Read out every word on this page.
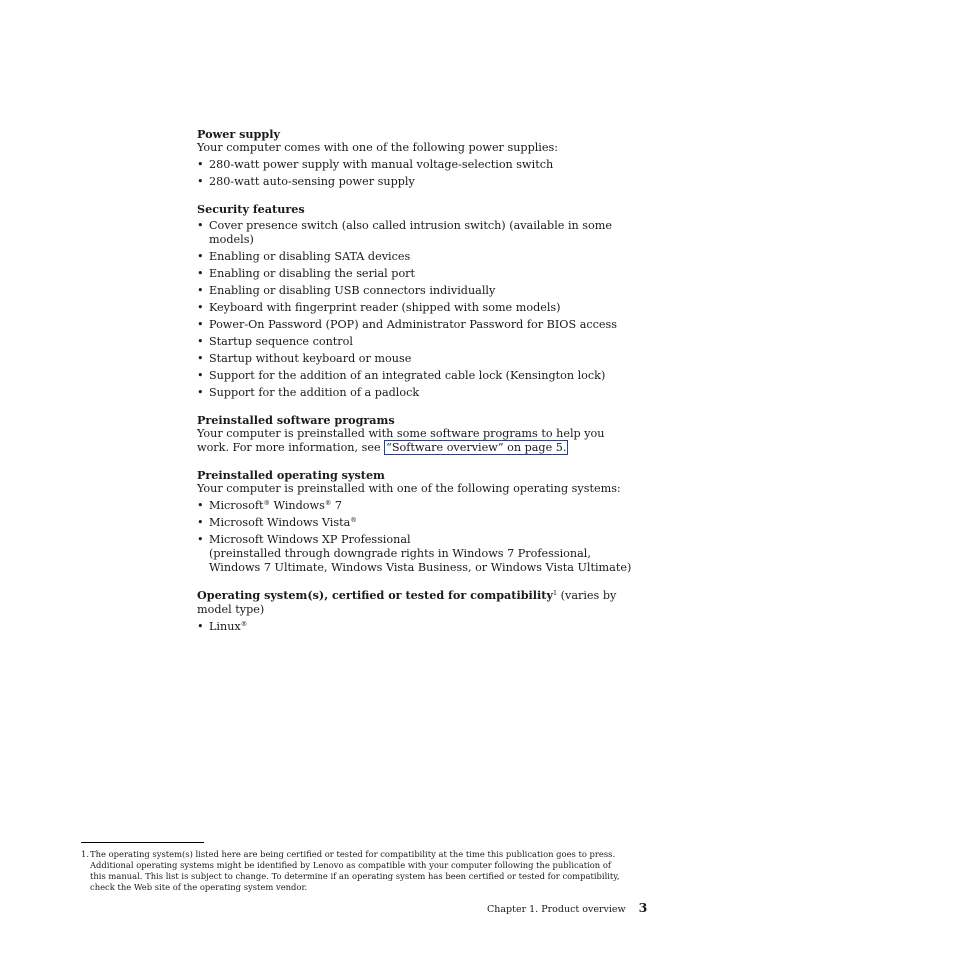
Power supply
Your computer comes with one of the following power supplies:
• 280-watt power supply with manual voltage-selection switch
• 280-watt auto-sensing power supply
Security features
• Cover presence switch (also called intrusion switch) (available in some models)
• Enabling or disabling SATA devices
• Enabling or disabling the serial port
• Enabling or disabling USB connectors individually
• Keyboard with fingerprint reader (shipped with some models)
• Power-On Password (POP) and Administrator Password for BIOS access
• Startup sequence control
• Startup without keyboard or mouse
• Support for the addition of an integrated cable lock (Kensington lock)
• Support for the addition of a padlock
Preinstalled software programs
Your computer is preinstalled with some software programs to help you work. For more information, see “Software overview” on page 5.
Preinstalled operating system
Your computer is preinstalled with one of the following operating systems:
• Microsoft® Windows® 7
• Microsoft Windows Vista®
• Microsoft Windows XP Professional
(preinstalled through downgrade rights in Windows 7 Professional, Windows 7 Ultimate, Windows Vista Business, or Windows Vista Ultimate)
Operating system(s), certified or tested for compatibility$^1$ (varies by model type)
• Linux®
1. The operating system(s) listed here are being certified or tested for compatibility at the time this publication goes to press. Additional operating systems might be identified by Lenovo as compatible with your computer following the publication of this manual. This list is subject to change. To determine if an operating system has been certified or tested for compatibility, check the Web site of the operating system vendor.
Chapter 1. Product overview 3
